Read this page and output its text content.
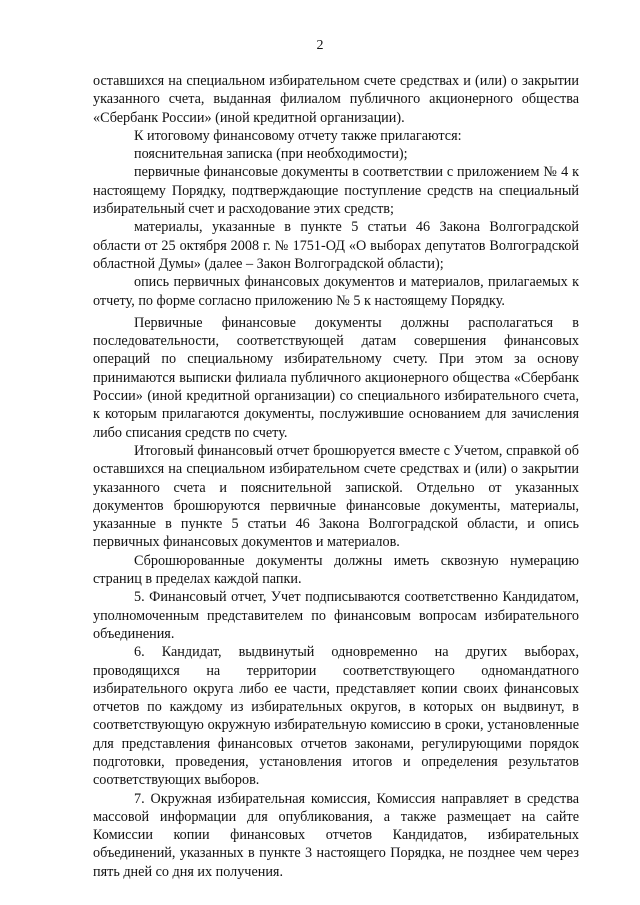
2

оставшихся на специальном избирательном счете средствах и (или) о закрытии указанного счета, выданная филиалом публичного акционерного общества «Сбербанк России» (иной кредитной организации).

К итоговому финансовому отчету также прилагаются:

пояснительная записка (при необходимости);

первичные финансовые документы в соответствии с приложением № 4 к настоящему Порядку, подтверждающие поступление средств на специальный избирательный счет и расходование этих средств;

материалы, указанные в пункте 5 статьи 46 Закона Волгоградской области от 25 октября 2008 г. № 1751-ОД «О выборах депутатов Волгоградской областной Думы» (далее – Закон Волгоградской области);

опись первичных финансовых документов и материалов, прилагаемых к отчету, по форме согласно приложению № 5 к настоящему Порядку.

Первичные финансовые документы должны располагаться в последовательности, соответствующей датам совершения финансовых операций по специальному избирательному счету. При этом за основу принимаются выписки филиала публичного акционерного общества «Сбербанк России» (иной кредитной организации) со специального избирательного счета, к которым прилагаются документы, послужившие основанием для зачисления либо списания средств по счету.

Итоговый финансовый отчет брошюруется вместе с Учетом, справкой об оставшихся на специальном избирательном счете средствах и (или) о закрытии указанного счета и пояснительной запиской. Отдельно от указанных документов брошюруются первичные финансовые документы, материалы, указанные в пункте 5 статьи 46 Закона Волгоградской области, и опись первичных финансовых документов и материалов.

Сброшюрованные документы должны иметь сквозную нумерацию страниц в пределах каждой папки.

5. Финансовый отчет, Учет подписываются соответственно Кандидатом, уполномоченным представителем по финансовым вопросам избирательного объединения.

6. Кандидат, выдвинутый одновременно на других выборах, проводящихся на территории соответствующего одномандатного избирательного округа либо ее части, представляет копии своих финансовых отчетов по каждому из избирательных округов, в которых он выдвинут, в соответствующую окружную избирательную комиссию в сроки, установленные для представления финансовых отчетов законами, регулирующими порядок подготовки, проведения, установления итогов и определения результатов соответствующих выборов.

7. Окружная избирательная комиссия, Комиссия направляет в средства массовой информации для опубликования, а также размещает на сайте Комиссии копии финансовых отчетов Кандидатов, избирательных объединений, указанных в пункте 3 настоящего Порядка, не позднее чем через пять дней со дня их получения.
